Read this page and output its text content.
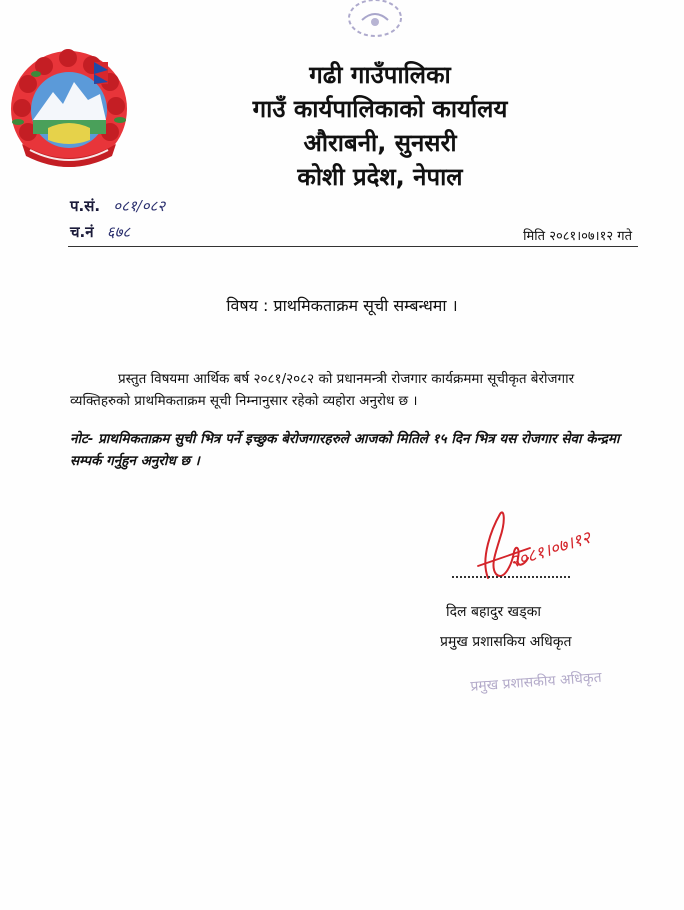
गढी गाउँपालिका
गाउँ कार्यपालिकाको कार्यालय
औराबनी, सुनसरी
कोशी प्रदेश, नेपाल
प.सं. ०८१/०८२
च.नं ६७८	मिति २०८१।०७।१२ गते
विषय : प्राथमिकताक्रम सूची सम्बन्धमा ।
प्रस्तुत विषयमा आर्थिक बर्ष २०८१/२०८२ को प्रधानमन्त्री रोजगार कार्यक्रममा सूचीकृत बेरोजगार व्यक्तिहरुको प्राथमिकताक्रम सूची निम्नानुसार रहेको व्यहोरा अनुरोध छ ।
नोट- प्राथमिकताक्रम सुची भित्र पर्ने इच्छुक बेरोजगारहरुले आजको मितिले १५ दिन भित्र यस रोजगार सेवा केन्द्रमा सम्पर्क गर्नुहुन अनुरोध छ ।
२०८१।०७।१२
दिल बहादुर खड्का
प्रमुख प्रशासकिय अधिकृत
प्रमुख प्रशासकीय अधिकृत
